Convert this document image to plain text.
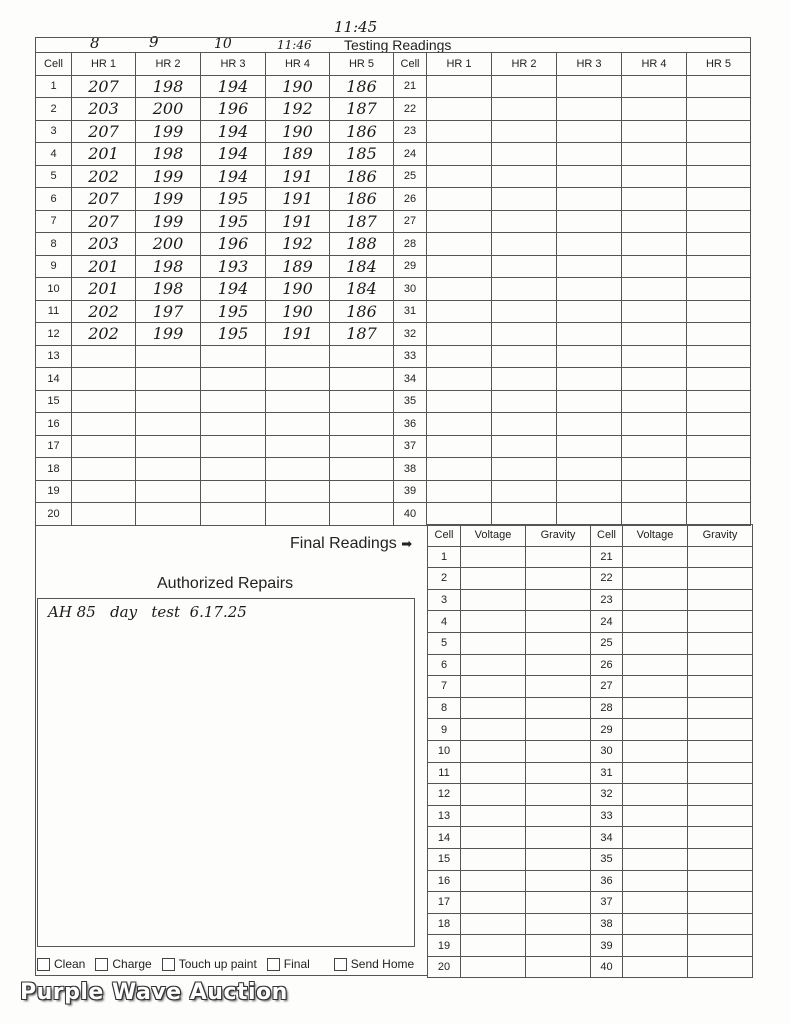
11:45
8	9	10	11:46 Testing Readings
Cell	HR 1	HR 2	HR 3	HR 4	HR 5	Cell	HR 1	HR 2	HR 3	HR 4	HR 5
1	207	198	194	190	186	21					
2	203	200	196	192	187	22					
3	207	199	194	190	186	23					
4	201	198	194	189	185	24					
5	202	199	194	191	186	25					
6	207	199	195	191	186	26					
7	207	199	195	191	187	27					
8	203	200	196	192	188	28					
9	201	198	193	189	184	29					
10	201	198	194	190	184	30					
11	202	197	195	190	186	31					
12	202	199	195	191	187	32					
13						33					
14						34					
15						35					
16						36					
17						37					
18						38					
19						39					
20						40					
Final Readings ➡
Cell	Voltage	Gravity	Cell	Voltage	Gravity
1			21		
2			22		
3			23		
4			24		
5			25		
6			26		
7			27		
8			28		
9			29		
10			30		
11			31		
12			32		
13			33		
14			34		
15			35		
16			36		
17			37		
18			38		
19			39		
20			40		
Authorized Repairs
AH 85   day   test  6.17.25
Clean Charge Touch up paint Final	Send Home
Purple Wave Auction
